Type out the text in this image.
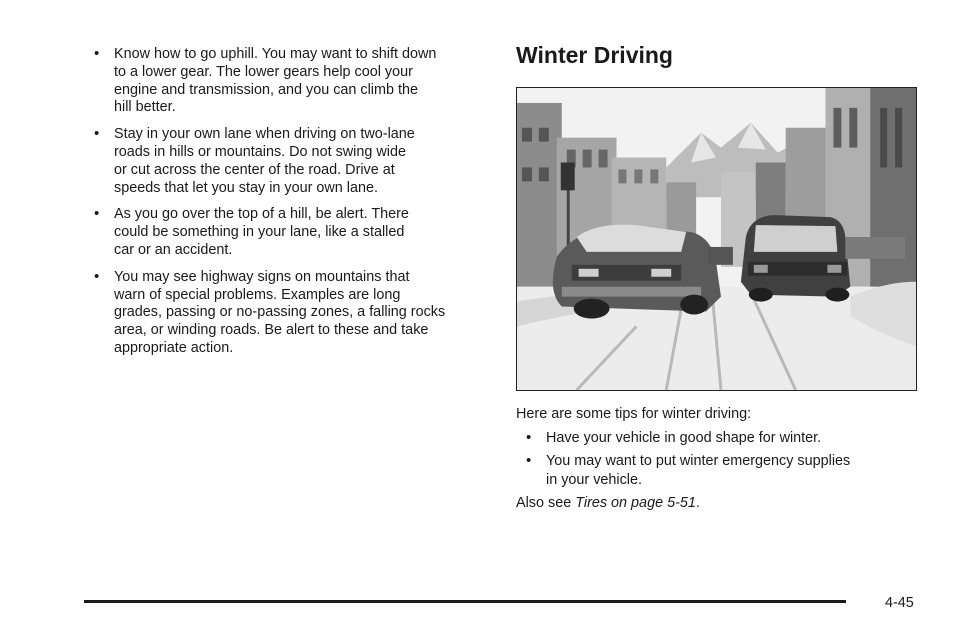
• Know how to go uphill. You may want to shift down
to a lower gear. The lower gears help cool your
engine and transmission, and you can climb the
hill better.
• Stay in your own lane when driving on two-lane
roads in hills or mountains. Do not swing wide
or cut across the center of the road. Drive at
speeds that let you stay in your own lane.
• As you go over the top of a hill, be alert. There
could be something in your lane, like a stalled
car or an accident.
• You may see highway signs on mountains that
warn of special problems. Examples are long
grades, passing or no-passing zones, a falling rocks
area, or winding roads. Be alert to these and take
appropriate action.
Winter Driving

Here are some tips for winter driving:

• Have your vehicle in good shape for winter.
• You may want to put winter emergency supplies
in your vehicle.

Also see Tires on page 5-51.

4-45
